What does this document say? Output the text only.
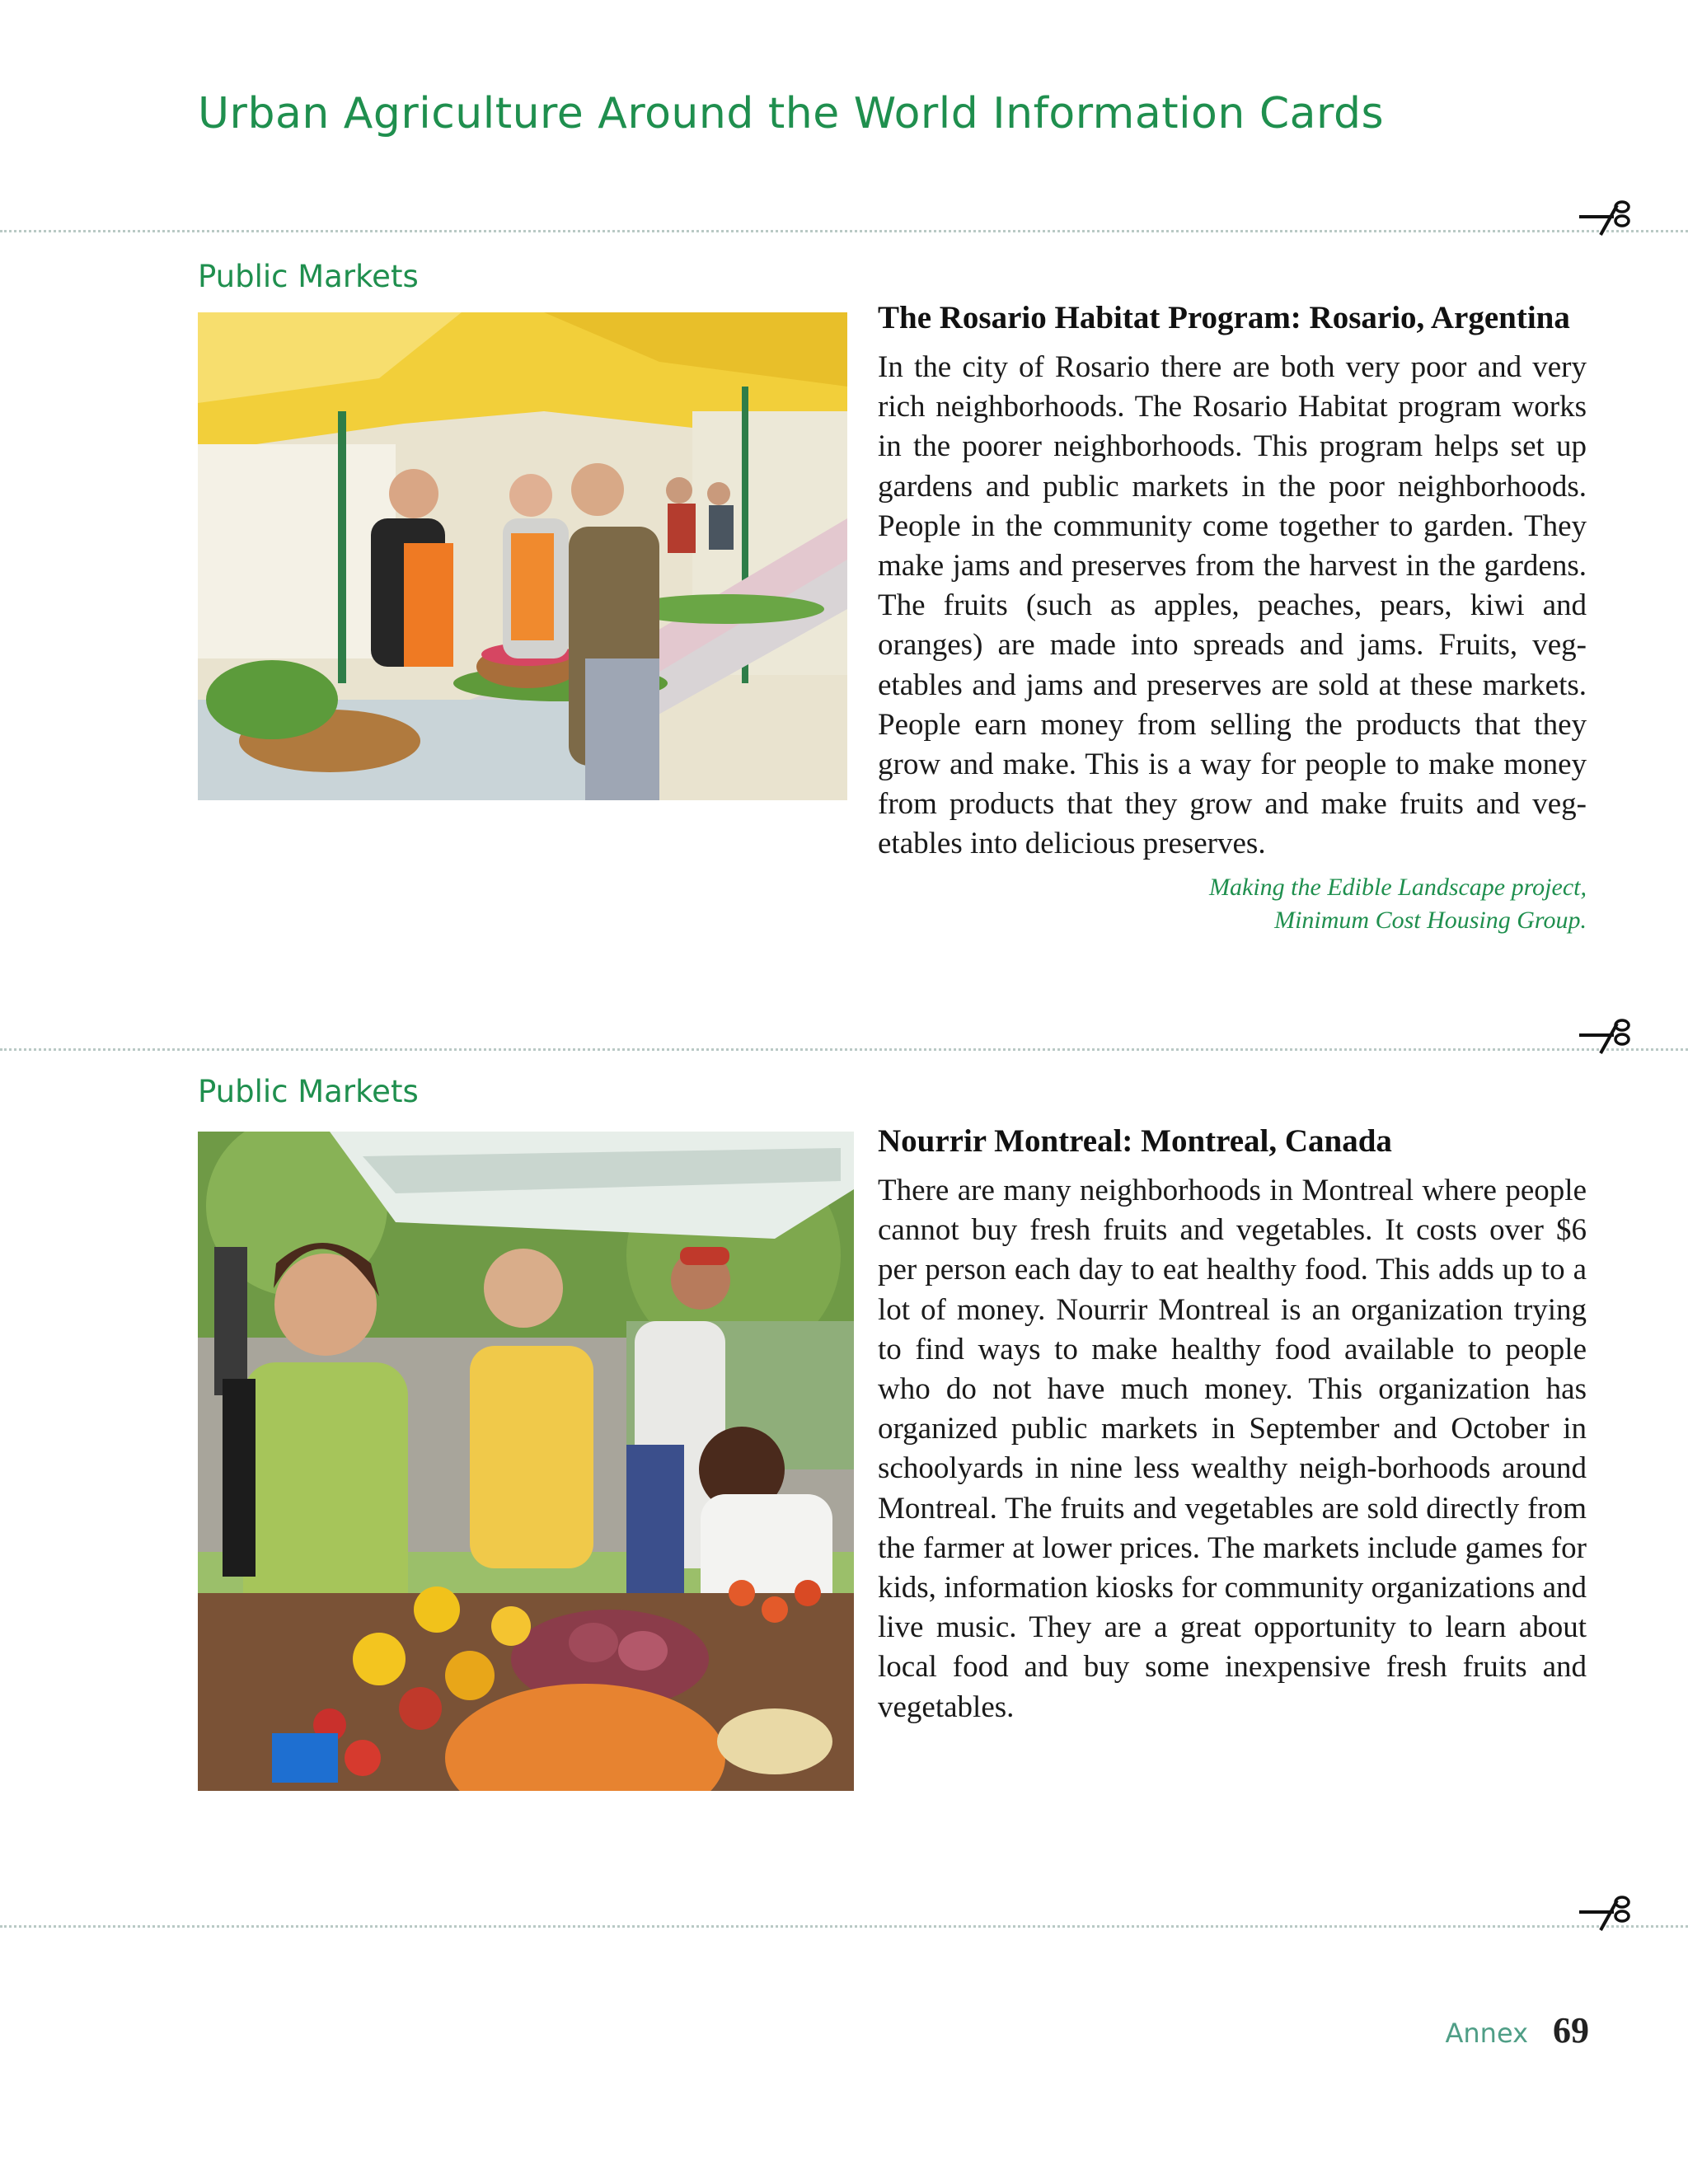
Urban Agriculture Around the World Information Cards
Public Markets
The Rosario Habitat Program: Rosario, Argentina

In the city of Rosario there are both very poor and very rich neighborhoods. The Rosario Habitat program works in the poorer neighborhoods. This program helps set up gardens and public markets in the poor neighborhoods. People in the community come together to garden. They make jams and preserves from the harvest in the gardens. The fruits (such as apples, peaches, pears, kiwi and oranges) are made into spreads and jams. Fruits, veg-etables and jams and preserves are sold at these markets. People earn money from selling the products that they grow and make. This is a way for people to make money from products that they grow and make fruits and veg-etables into delicious preserves.

Making the Edible Landscape project,
Minimum Cost Housing Group.
Public Markets
Nourrir Montreal: Montreal, Canada

There are many neighborhoods in Montreal where people cannot buy fresh fruits and vegetables. It costs over $6 per person each day to eat healthy food. This adds up to a lot of money. Nourrir Montreal is an organization trying to find ways to make healthy food available to people who do not have much money. This organization has organized public markets in September and October in schoolyards in nine less wealthy neigh-borhoods around Montreal. The fruits and vegetables are sold directly from the farmer at lower prices. The markets include games for kids, information kiosks for community organizations and live music. They are a great opportunity to learn about local food and buy some inexpensive fresh fruits and vegetables.

Annex 69
